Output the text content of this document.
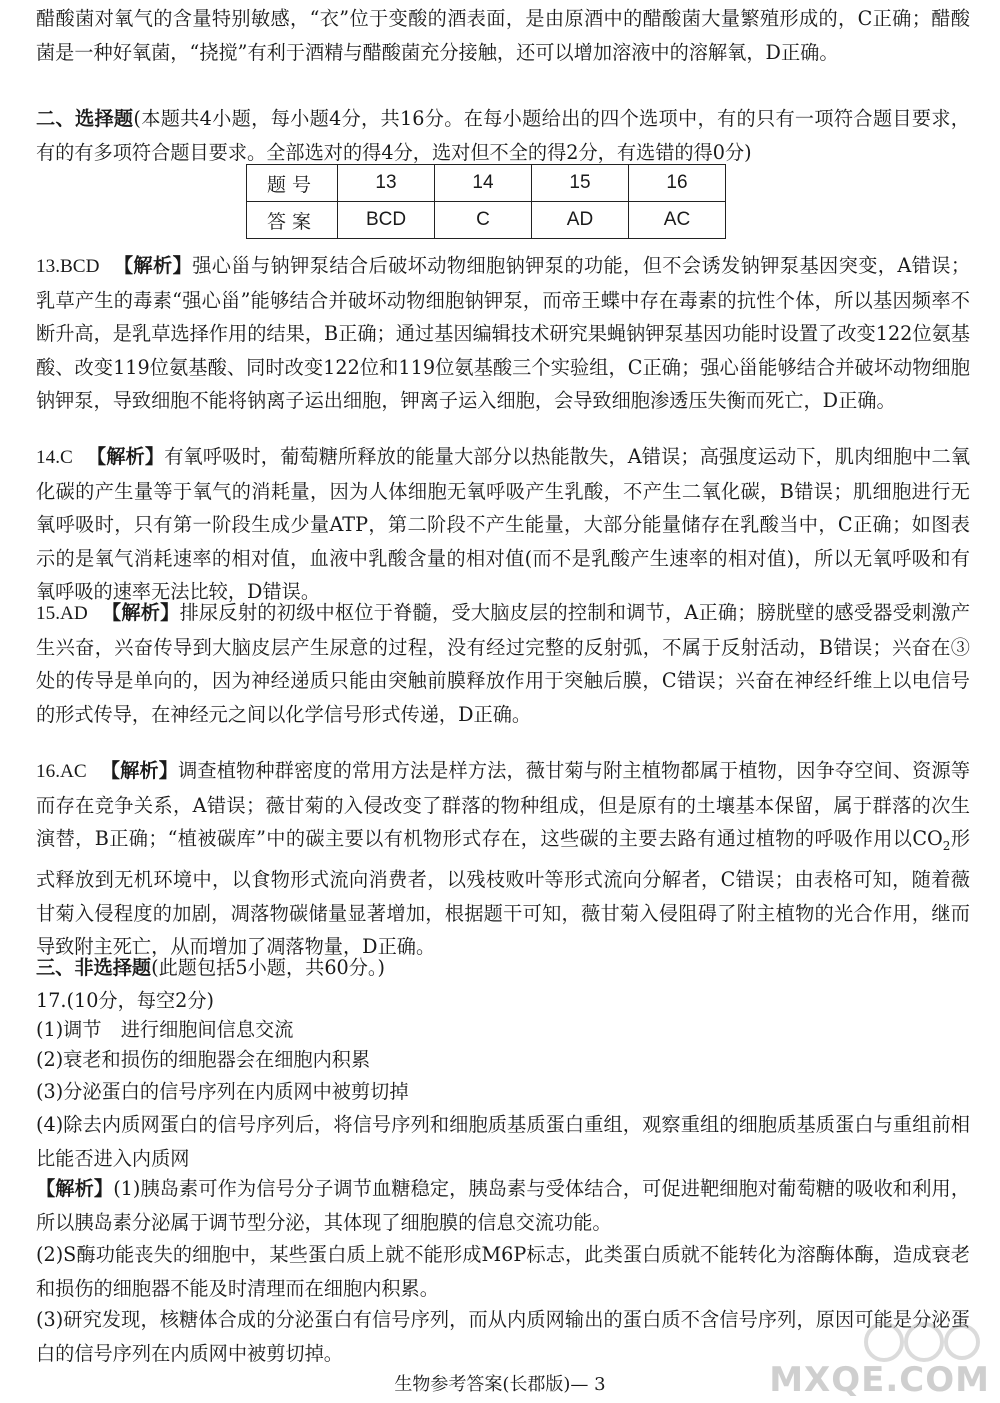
醋酸菌对氧气的含量特别敏感，“衣”位于变酸的酒表面，是由原酒中的醋酸菌大量繁殖形成的，C正确；醋酸菌是一种好氧菌，“挠搅”有利于酒精与醋酸菌充分接触，还可以增加溶液中的溶解氧，D正确。
二、选择题(本题共4小题，每小题4分，共16分。在每小题给出的四个选项中，有的只有一项符合题目要求，有的有多项符合题目要求。全部选对的得4分，选对但不全的得2分，有选错的得0分)
题号	13	14	15	16
答案	BCD	C	AD	AC
13.BCD 【解析】强心甾与钠钾泵结合后破坏动物细胞钠钾泵的功能，但不会诱发钠钾泵基因突变，A错误；乳草产生的毒素“强心甾”能够结合并破坏动物细胞钠钾泵，而帝王蝶中存在毒素的抗性个体，所以基因频率不断升高，是乳草选择作用的结果，B正确；通过基因编辑技术研究果蝇钠钾泵基因功能时设置了改变122位氨基酸、改变119位氨基酸、同时改变122位和119位氨基酸三个实验组，C正确；强心甾能够结合并破坏动物细胞钠钾泵，导致细胞不能将钠离子运出细胞，钾离子运入细胞，会导致细胞渗透压失衡而死亡，D正确。
14.C 【解析】有氧呼吸时，葡萄糖所释放的能量大部分以热能散失，A错误；高强度运动下，肌肉细胞中二氧化碳的产生量等于氧气的消耗量，因为人体细胞无氧呼吸产生乳酸，不产生二氧化碳，B错误；肌细胞进行无氧呼吸时，只有第一阶段生成少量ATP，第二阶段不产生能量，大部分能量储存在乳酸当中，C正确；如图表示的是氧气消耗速率的相对值，血液中乳酸含量的相对值(而不是乳酸产生速率的相对值)，所以无氧呼吸和有氧呼吸的速率无法比较，D错误。
15.AD 【解析】排尿反射的初级中枢位于脊髓，受大脑皮层的控制和调节，A正确；膀胱壁的感受器受刺激产生兴奋，兴奋传导到大脑皮层产生尿意的过程，没有经过完整的反射弧，不属于反射活动，B错误；兴奋在③处的传导是单向的，因为神经递质只能由突触前膜释放作用于突触后膜，C错误；兴奋在神经纤维上以电信号的形式传导，在神经元之间以化学信号形式传递，D正确。
16.AC 【解析】调查植物种群密度的常用方法是样方法，薇甘菊与附主植物都属于植物，因争夺空间、资源等而存在竞争关系，A错误；薇甘菊的入侵改变了群落的物种组成，但是原有的土壤基本保留，属于群落的次生演替，B正确；“植被碳库”中的碳主要以有机物形式存在，这些碳的主要去路有通过植物的呼吸作用以$CO_2$形式释放到无机环境中，以食物形式流向消费者，以残枝败叶等形式流向分解者，C错误；由表格可知，随着薇甘菊入侵程度的加剧，凋落物碳储量显著增加，根据题干可知，薇甘菊入侵阻碍了附主植物的光合作用，继而导致附主死亡，从而增加了凋落物量，D正确。
三、非选择题(此题包括5小题，共60分。)
17.(10分，每空2分)
(1)调节　进行细胞间信息交流
(2)衰老和损伤的细胞器会在细胞内积累
(3)分泌蛋白的信号序列在内质网中被剪切掉
(4)除去内质网蛋白的信号序列后，将信号序列和细胞质基质蛋白重组，观察重组的细胞质基质蛋白与重组前相比能否进入内质网
【解析】(1)胰岛素可作为信号分子调节血糖稳定，胰岛素与受体结合，可促进靶细胞对葡萄糖的吸收和利用，所以胰岛素分泌属于调节型分泌，其体现了细胞膜的信息交流功能。
(2)S酶功能丧失的细胞中，某些蛋白质上就不能形成M6P标志，此类蛋白质就不能转化为溶酶体酶，造成衰老和损伤的细胞器不能及时清理而在细胞内积累。
(3)研究发现，核糖体合成的分泌蛋白有信号序列，而从内质网输出的蛋白质不含信号序列，原因可能是分泌蛋白的信号序列在内质网中被剪切掉。
生物参考答案(长郡版)— 3	MXQE.COM
